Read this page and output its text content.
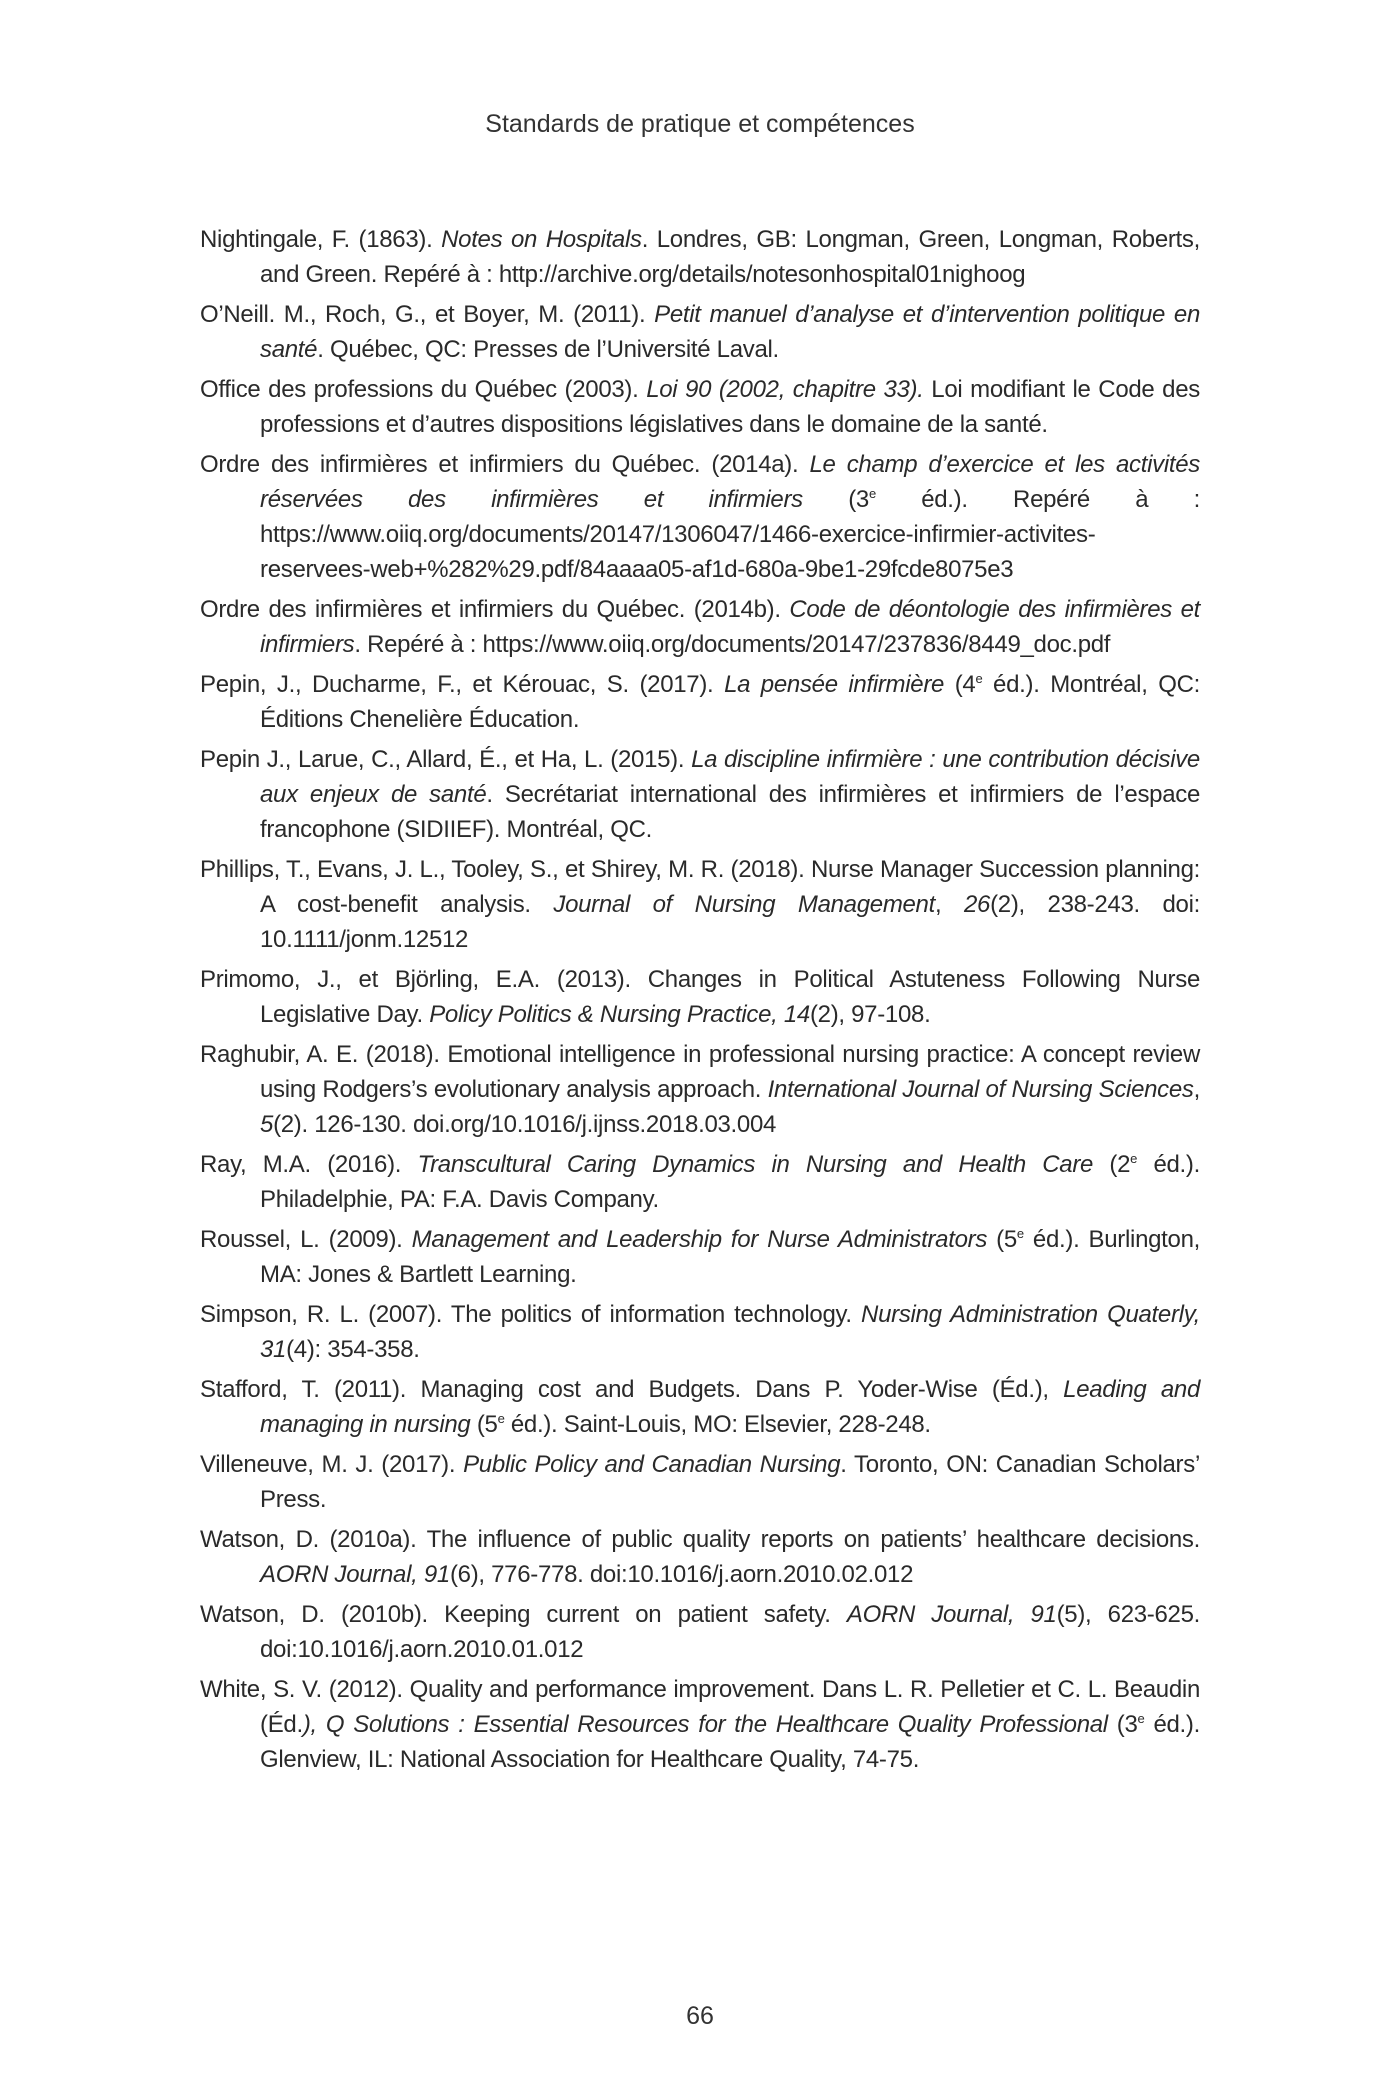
Standards de pratique et compétences

Nightingale, F. (1863). Notes on Hospitals. Londres, GB: Longman, Green, Longman, Roberts, and Green. Repéré à : http://archive.org/details/notesonhospital01nighoog

O’Neill. M., Roch, G., et Boyer, M. (2011). Petit manuel d’analyse et d’intervention politique en santé. Québec, QC: Presses de l’Université Laval.

Office des professions du Québec (2003). Loi 90 (2002, chapitre 33). Loi modifiant le Code des professions et d’autres dispositions législatives dans le domaine de la santé.

Ordre des infirmières et infirmiers du Québec. (2014a). Le champ d’exercice et les activités réservées des infirmières et infirmiers (3e éd.). Repéré à : https://www.oiiq.org/documents/20147/1306047/1466-exercice-infirmier-activites-reservees-web+%282%29.pdf/84aaaa05-af1d-680a-9be1-29fcde8075e3

Ordre des infirmières et infirmiers du Québec. (2014b). Code de déontologie des infirmières et infirmiers. Repéré à : https://www.oiiq.org/documents/20147/237836/8449_doc.pdf

Pepin, J., Ducharme, F., et Kérouac, S. (2017). La pensée infirmière (4e éd.). Montréal, QC: Éditions Chenelière Éducation.

Pepin J., Larue, C., Allard, É., et Ha, L. (2015). La discipline infirmière : une contribution décisive aux enjeux de santé. Secrétariat international des infirmières et infirmiers de l’espace francophone (SIDIIEF). Montréal, QC.

Phillips, T., Evans, J. L., Tooley, S., et Shirey, M. R. (2018). Nurse Manager Succession planning: A cost-benefit analysis. Journal of Nursing Management, 26(2), 238-243. doi: 10.1111/jonm.12512

Primomo, J., et Björling, E.A. (2013). Changes in Political Astuteness Following Nurse Legislative Day. Policy Politics & Nursing Practice, 14(2), 97-108.

Raghubir, A. E. (2018). Emotional intelligence in professional nursing practice: A concept review using Rodgers’s evolutionary analysis approach. International Journal of Nursing Sciences, 5(2). 126-130. doi.org/10.1016/j.ijnss.2018.03.004

Ray, M.A. (2016). Transcultural Caring Dynamics in Nursing and Health Care (2e éd.). Philadelphie, PA: F.A. Davis Company.

Roussel, L. (2009). Management and Leadership for Nurse Administrators (5e éd.). Burlington, MA: Jones & Bartlett Learning.

Simpson, R. L. (2007). The politics of information technology. Nursing Administration Quaterly, 31(4): 354-358.

Stafford, T. (2011). Managing cost and Budgets. Dans P. Yoder-Wise (Éd.), Leading and managing in nursing (5e éd.). Saint-Louis, MO: Elsevier, 228-248.

Villeneuve, M. J. (2017). Public Policy and Canadian Nursing. Toronto, ON: Canadian Scholars’ Press.

Watson, D. (2010a). The influence of public quality reports on patients’ healthcare decisions. AORN Journal, 91(6), 776-778. doi:10.1016/j.aorn.2010.02.012

Watson, D. (2010b). Keeping current on patient safety. AORN Journal, 91(5), 623-625. doi:10.1016/j.aorn.2010.01.012

White, S. V. (2012). Quality and performance improvement. Dans L. R. Pelletier et C. L. Beaudin (Éd.), Q Solutions : Essential Resources for the Healthcare Quality Professional (3e éd.). Glenview, IL: National Association for Healthcare Quality, 74-75.

66
